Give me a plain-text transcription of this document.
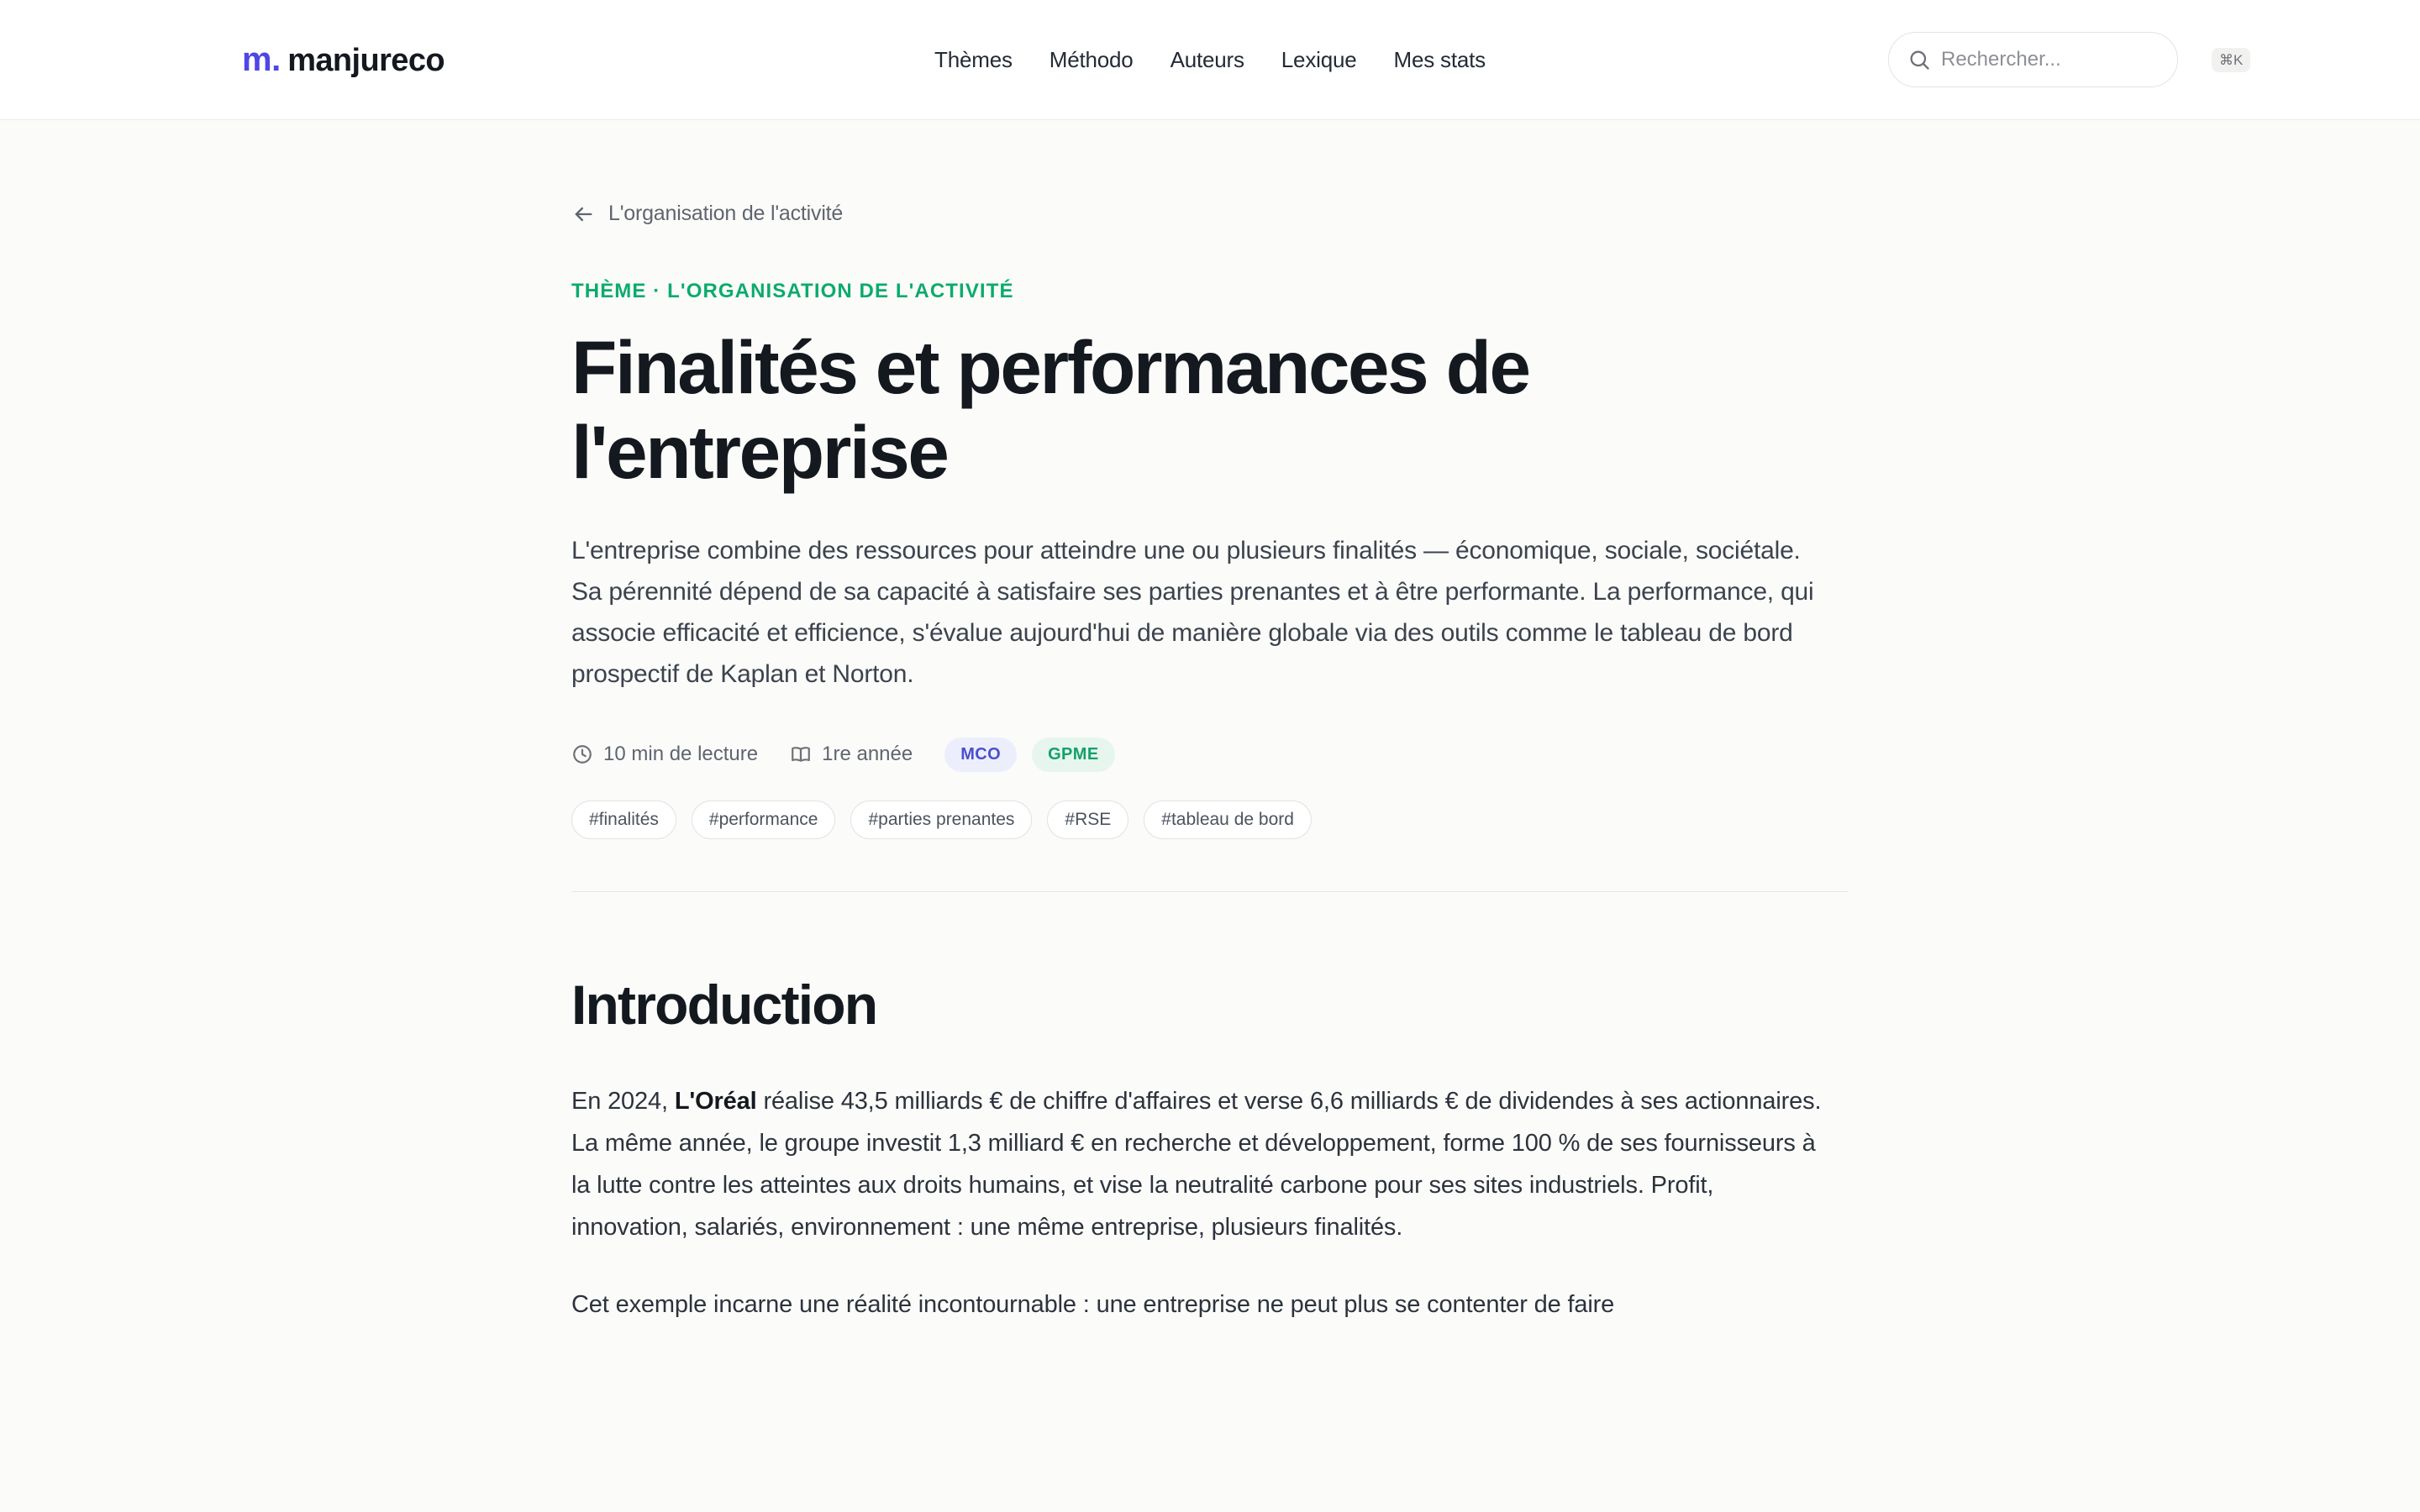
m . manjureco	Thèmes	Méthodo	Auteurs	Lexique	Mes stats
Rechercher...	⌘K
L'organisation de l'activité
THÈME · L'ORGANISATION DE L'ACTIVITÉ
Finalités et performances de l'entreprise

L'entreprise combine des ressources pour atteindre une ou plusieurs finalités — économique, sociale, sociétale. Sa pérennité dépend de sa capacité à satisfaire ses parties prenantes et à être performante. La performance, qui associe efficacité et efficience, s'évalue aujourd'hui de manière globale via des outils comme le tableau de bord prospectif de Kaplan et Norton.

10 min de lecture	1re année	MCO	GPME
#finalités	#performance	#parties prenantes	#RSE	#tableau de bord
Introduction

En 2024, L'Oréal réalise 43,5 milliards € de chiffre d'affaires et verse 6,6 milliards € de dividendes à ses actionnaires. La même année, le groupe investit 1,3 milliard € en recherche et développement, forme 100 % de ses fournisseurs à la lutte contre les atteintes aux droits humains, et vise la neutralité carbone pour ses sites industriels. Profit, innovation, salariés, environnement : une même entreprise, plusieurs finalités.

Cet exemple incarne une réalité incontournable : une entreprise ne peut plus se contenter de faire
